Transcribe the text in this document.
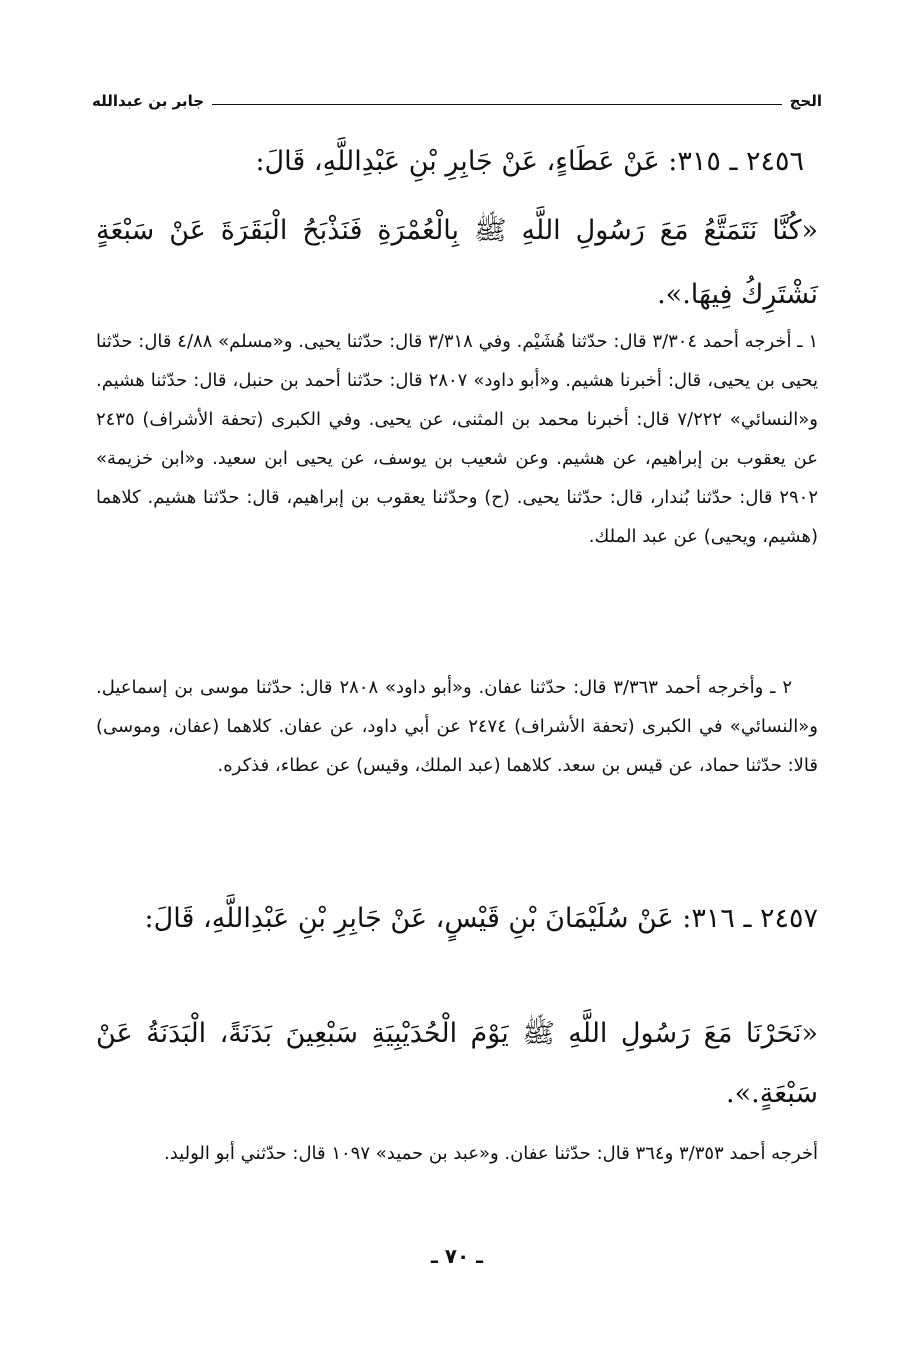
الحج
جابر بن عبدالله
٢٤٥٦ ـ ٣١٥: عَنْ عَطَاءٍ، عَنْ جَابِرِ بْنِ عَبْدِاللَّهِ، قَالَ:
«كُنَّا نَتَمَتَّعُ مَعَ رَسُولِ اللَّهِ ﷺ بِالْعُمْرَةِ فَنَذْبَحُ الْبَقَرَةَ عَنْ سَبْعَةٍ نَشْتَرِكُ فِيهَا.».
١ ـ أخرجه أحمد ٣/٣٠٤ قال: حدّثنا هُشَيْم. وفي ٣/٣١٨ قال: حدّثنا يحيى. و«مسلم» ٤/٨٨ قال: حدّثنا يحيى بن يحيى، قال: أخبرنا هشيم. و«أبو داود» ٢٨٠٧ قال: حدّثنا أحمد بن حنبل، قال: حدّثنا هشيم. و«النسائي» ٧/٢٢٢ قال: أخبرنا محمد بن المثنى، عن يحيى. وفي الكبرى (تحفة الأشراف) ٢٤٣٥ عن يعقوب بن إبراهيم، عن هشيم. وعن شعيب بن يوسف، عن يحيى ابن سعيد. و«ابن خزيمة» ٢٩٠٢ قال: حدّثنا بُندار، قال: حدّثنا يحيى. (ح) وحدّثنا يعقوب بن إبراهيم، قال: حدّثنا هشيم. كلاهما (هشيم، ويحيى) عن عبد الملك.
٢ ـ وأخرجه أحمد ٣/٣٦٣ قال: حدّثنا عفان. و«أبو داود» ٢٨٠٨ قال: حدّثنا موسى بن إسماعيل. و«النسائي» في الكبرى (تحفة الأشراف) ٢٤٧٤ عن أبي داود، عن عفان. كلاهما (عفان، وموسى) قالا: حدّثنا حماد، عن قيس بن سعد. كلاهما (عبد الملك، وقيس) عن عطاء، فذكره.
٢٤٥٧ ـ ٣١٦: عَنْ سُلَيْمَانَ بْنِ قَيْسٍ، عَنْ جَابِرِ بْنِ عَبْدِاللَّهِ، قَالَ:
«نَحَرْنَا مَعَ رَسُولِ اللَّهِ ﷺ يَوْمَ الْحُدَيْبِيَةِ سَبْعِينَ بَدَنَةً، الْبَدَنَةُ عَنْ سَبْعَةٍ.».
أخرجه أحمد ٣/٣٥٣ و٣٦٤ قال: حدّثنا عفان. و«عبد بن حميد» ١٠٩٧ قال: حدّثني أبو الوليد.
ـ ٧٠ ـ
